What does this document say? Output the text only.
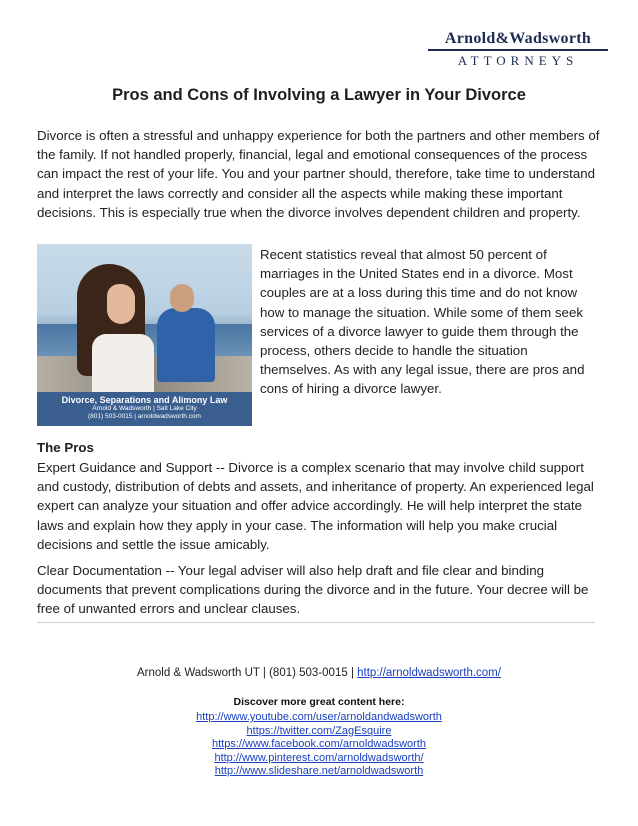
Arnold&Wadsworth
ATTORNEYS
Pros and Cons of Involving a Lawyer in Your Divorce

Divorce is often a stressful and unhappy experience for both the partners and other members of the family. If not handled properly, financial, legal and emotional consequences of the process can impact the rest of your life. You and your partner should, therefore, take time to understand and interpret the laws correctly and consider all the aspects while making these important decisions. This is especially true when the divorce involves dependent children and property.

Divorce, Separations and Alimony Law
Arnold & Wadsworth | Salt Lake City
(801) 503-0015 | arnoldwadsworth.com

Recent statistics reveal that almost 50 percent of marriages in the United States end in a divorce. Most couples are at a loss during this time and do not know how to manage the situation. While some of them seek services of a divorce lawyer to guide them through the process, others decide to handle the situation themselves. As with any legal issue, there are pros and cons of hiring a divorce lawyer.

The Pros

Expert Guidance and Support -- Divorce is a complex scenario that may involve child support and custody, distribution of debts and assets, and inheritance of property. An experienced legal expert can analyze your situation and offer advice accordingly. He will help interpret the state laws and explain how they apply in your case. The information will help you make crucial decisions and settle the issue amicably.

Clear Documentation -- Your legal adviser will also help draft and file clear and binding documents that prevent complications during the divorce and in the future. Your decree will be free of unwanted errors and unclear clauses.

Arnold & Wadsworth UT | (801) 503-0015 | http://arnoldwadsworth.com/
Discover more great content here:
http://www.youtube.com/user/arnoldandwadsworth
https://twitter.com/ZagEsquire
https://www.facebook.com/arnoldwadsworth
http://www.pinterest.com/arnoldwadsworth/
http://www.slideshare.net/arnoldwadsworth
